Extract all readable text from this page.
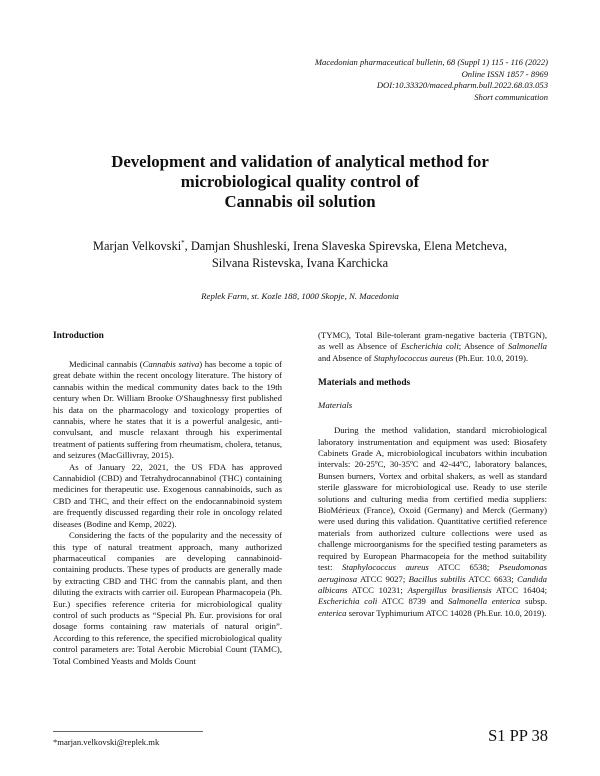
Macedonian pharmaceutical bulletin, 68 (Suppl 1) 115 - 116 (2022)
Online ISSN 1857 - 8969
DOI:10.33320/maced.pharm.bull.2022.68.03.053
Short communication
Development and validation of analytical method for
microbiological quality control of
Cannabis oil solution
Marjan Velkovski*, Damjan Shushleski, Irena Slaveska Spirevska, Elena Metcheva,
Silvana Ristevska, Ivana Karchicka
Replek Farm, st. Kozle 188, 1000 Skopje, N. Macedonia
Introduction

Medicinal cannabis (Cannabis sativa) has become a topic of great debate within the recent oncology literature. The history of cannabis within the medical community dates back to the 19th century when Dr. William Brooke O'Shaughnessy first published his data on the pharmacology and toxicology properties of cannabis, where he states that it is a powerful analgesic, anti-convulsant, and muscle relaxant through his experimental treatment of patients suffering from rheumatism, cholera, tetanus, and seizures (MacGillivray, 2015).

As of January 22, 2021, the US FDA has approved Cannabidiol (CBD) and Tetrahydrocannabinol (THC) containing medicines for therapeutic use. Exogenous cannabinoids, such as CBD and THC, and their effect on the endocannabinoid system are frequently discussed regarding their role in oncology related diseases (Bodine and Kemp, 2022).

Considering the facts of the popularity and the necessity of this type of natural treatment approach, many authorized pharmaceutical companies are developing cannabinoid-containing products. These types of products are generally made by extracting CBD and THC from the cannabis plant, and then diluting the extracts with carrier oil. European Pharmacopeia (Ph. Eur.) specifies reference criteria for microbiological quality control of such products as “Special Ph. Eur. provisions for oral dosage forms containing raw materials of natural origin”. According to this reference, the specified microbiological quality control parameters are: Total Aerobic Microbial Count (TAMC), Total Combined Yeasts and Molds Count

(TYMC), Total Bile-tolerant gram-negative bacteria (TBTGN), as well as Absence of Escherichia coli; Absence of Salmonella and Absence of Staphylococcus aureus (Ph.Eur. 10.0, 2019).

Materials and methods
Materials

During the method validation, standard microbiological laboratory instrumentation and equipment was used: Biosafety Cabinets Grade A, microbiological incubators within incubation intervals: 20-25ºC, 30-35ºC and 42-44ºC, laboratory balances, Bunsen burners, Vortex and orbital shakers, as well as standard sterile glassware for microbiological use. Ready to use sterile solutions and culturing media from certified media suppliers: BioMérieux (France), Oxoid (Germany) and Merck (Germany) were used during this validation. Quantitative certified reference materials from authorized culture collections were used as challenge microorganisms for the specified testing parameters as required by European Pharmacopeia for the method suitability test: Staphylococcus aureus ATCC 6538; Pseudomonas aeruginosa ATCC 9027; Bacillus subtilis ATCC 6633; Candida albicans ATCC 10231; Aspergillus brasiliensis ATCC 16404; Escherichia coli ATCC 8739 and Salmonella enterica subsp. enterica serovar Typhimurium ATCC 14028 (Ph.Eur. 10.0, 2019).

*marjan.velkovski@replek.mk	S1 PP 38
